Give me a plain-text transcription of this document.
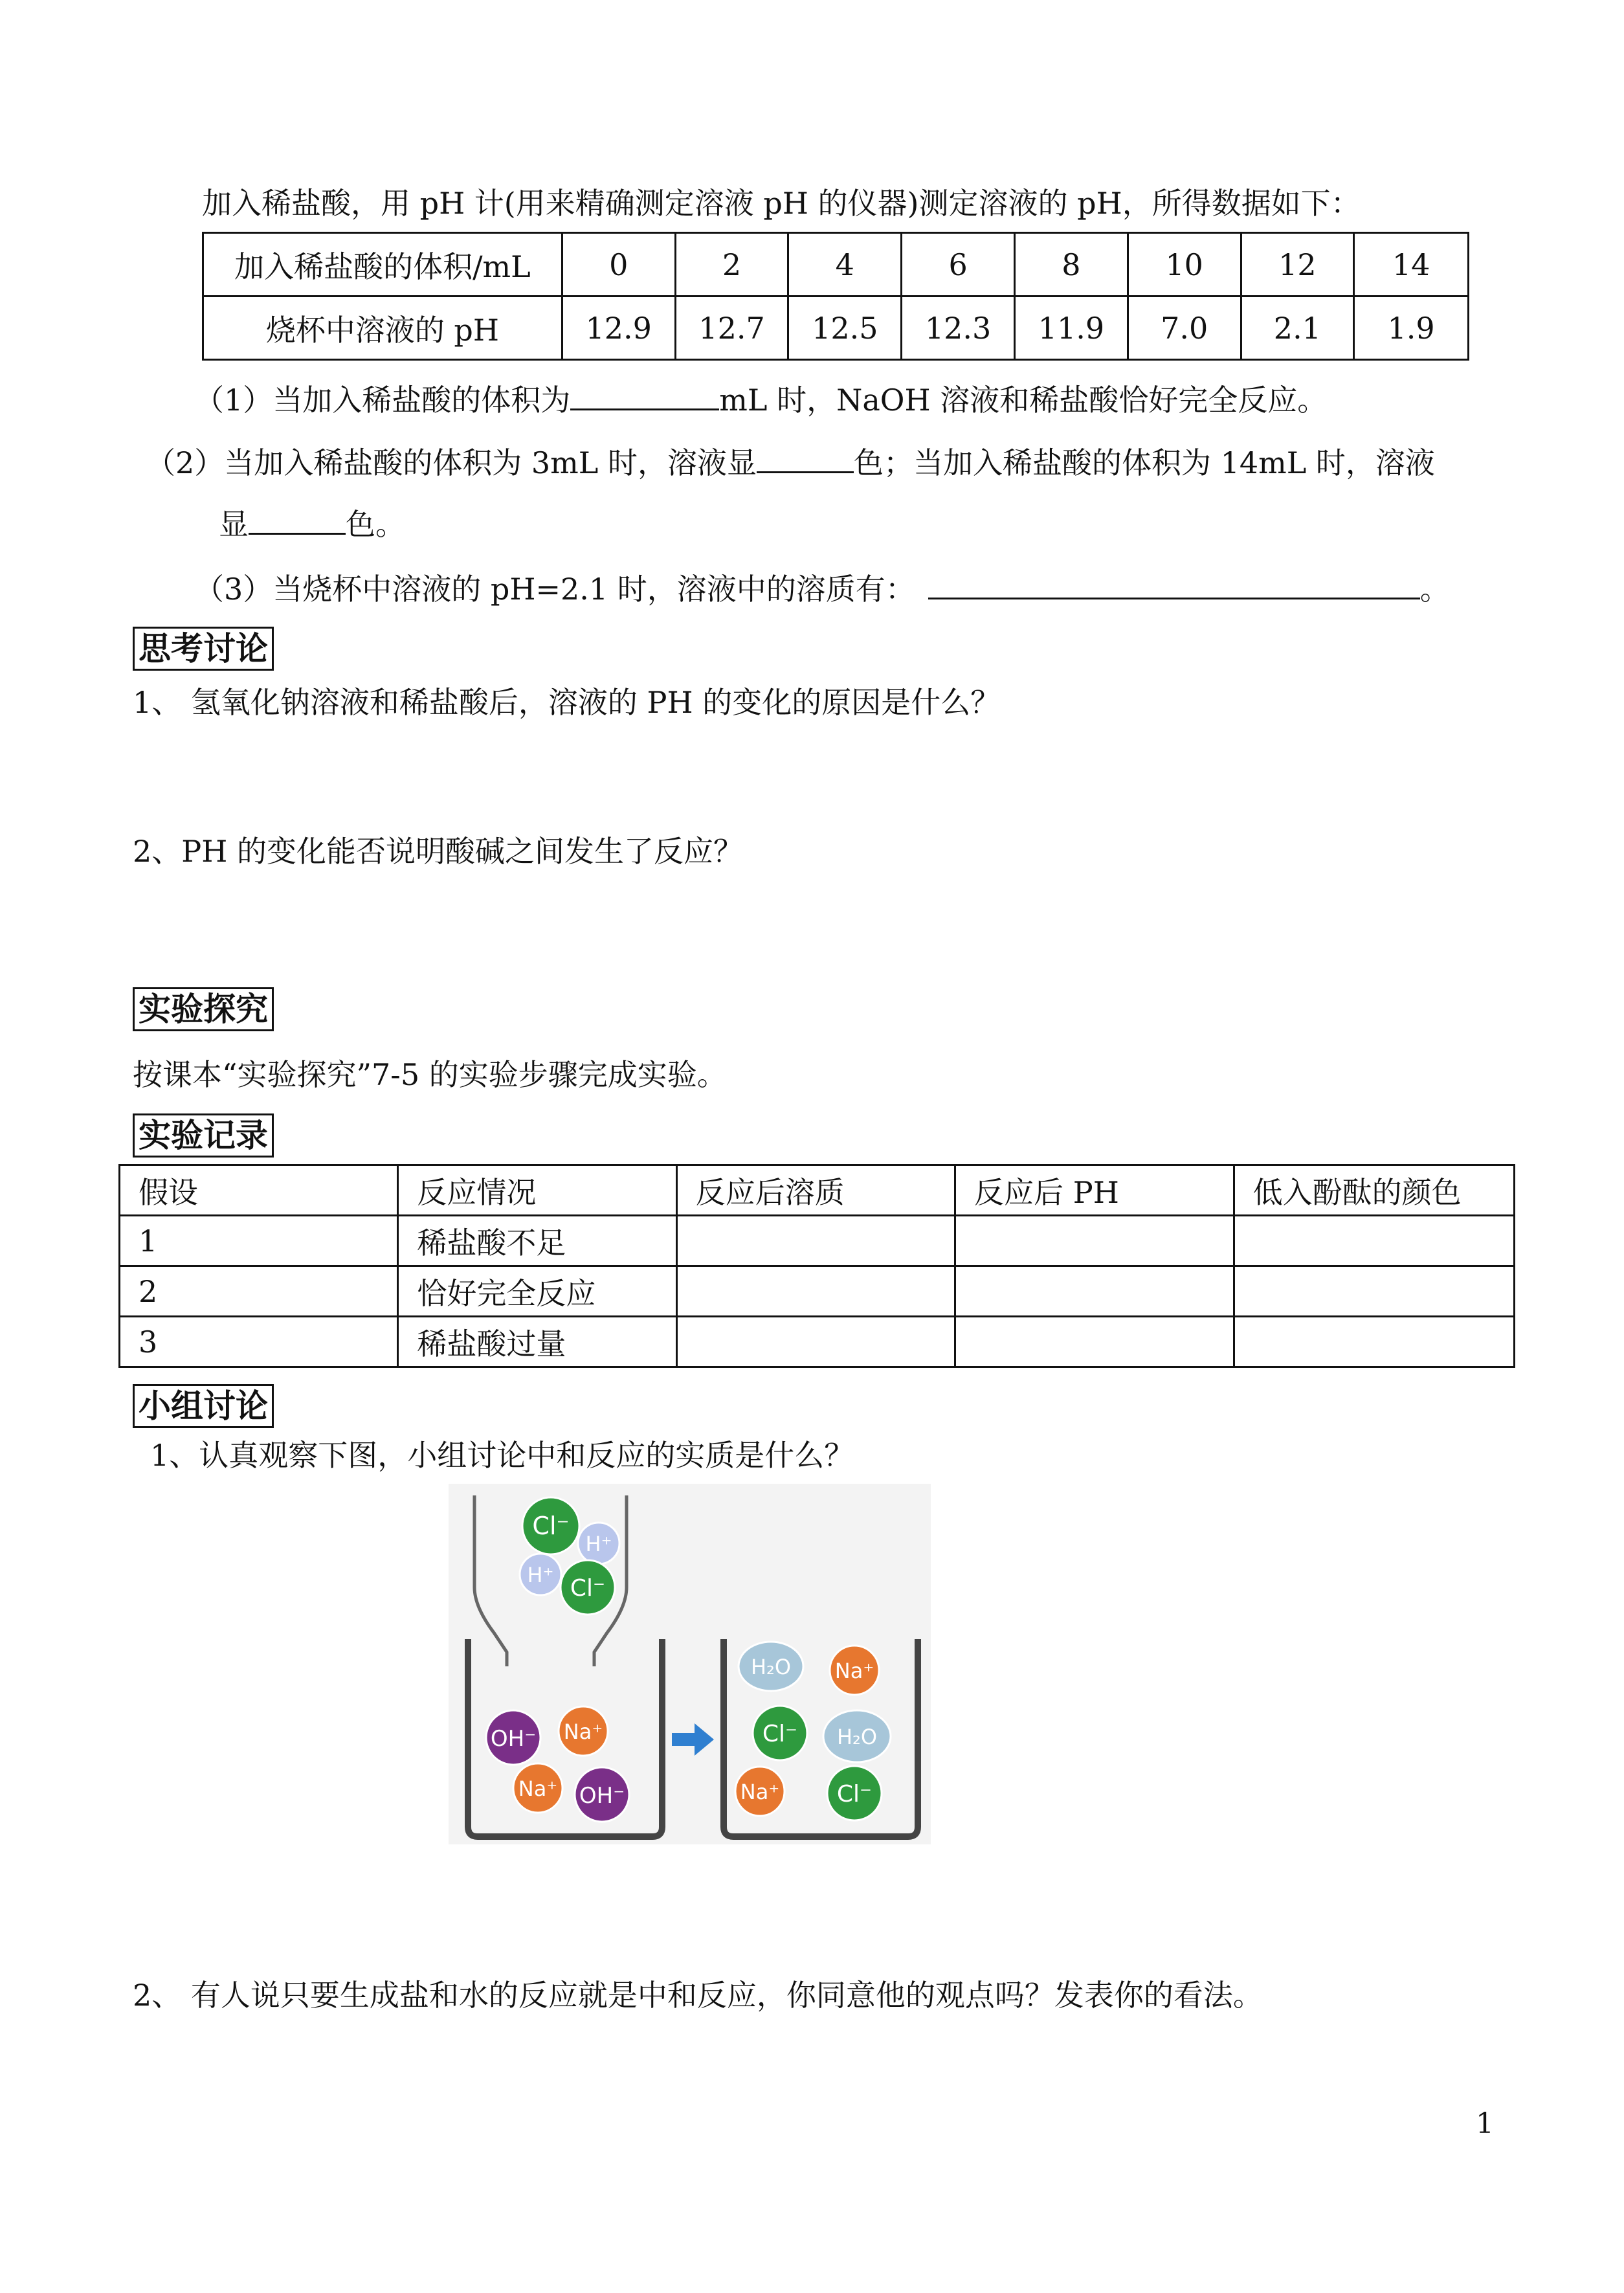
加入稀盐酸，用 pH 计(用来精确测定溶液 pH 的仪器)测定溶液的 pH，所得数据如下：
加入稀盐酸的体积/mL	0	2	4	6	8	10	12	14
烧杯中溶液的 pH	12.9	12.7	12.5	12.3	11.9	7.0	2.1	1.9
（1）当加入稀盐酸的体积为	mL 时，NaOH 溶液和稀盐酸恰好完全反应。
（2）当加入稀盐酸的体积为 3mL 时，溶液显	色；当加入稀盐酸的体积为 14mL 时，溶液
显	色。
（3）当烧杯中溶液的 pH=2.1 时，溶液中的溶质有：	。
思考讨论
1、 氢氧化钠溶液和稀盐酸后，溶液的 PH 的变化的原因是什么？
2、PH 的变化能否说明酸碱之间发生了反应？
实验探究
按课本“实验探究”7-5 的实验步骤完成实验。
实验记录
假设	反应情况	反应后溶质	反应后 PH	低入酚酞的颜色
1	稀盐酸不足			
2	恰好完全反应			
3	稀盐酸过量			
小组讨论
1、认真观察下图，小组讨论中和反应的实质是什么？
Cl⁻
H⁺
H⁺ Cl⁻
OH⁻ Na⁺
Na⁺ OH⁻
H₂O Na⁺
Cl⁻ H₂O
Na⁺ Cl⁻
2、 有人说只要生成盐和水的反应就是中和反应，你同意他的观点吗？发表你的看法。
1
